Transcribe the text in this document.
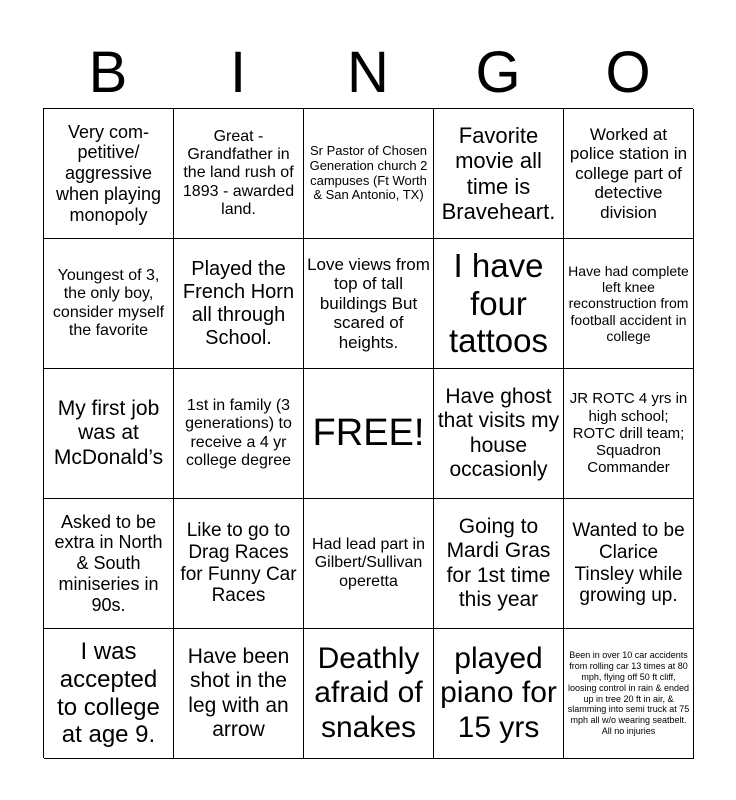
B	I	N	G	O
Very com-petitive/ aggressive when playing monopoly
Great - Grandfather in the land rush of 1893 - awarded land.
Sr Pastor of Chosen Generation church 2 campuses (Ft Worth & San Antonio, TX)
Favorite movie all time is Braveheart.
Worked at police station in college part of detective division
Youngest of 3, the only boy, consider myself the favorite
Played the French Horn all through School.
Love views from top of tall buildings But scared of heights.
I have four tattoos
Have had complete left knee reconstruction from football accident in college
My first job was at McDonald’s
1st in family (3 generations) to receive a 4 yr college degree
FREE!
Have ghost that visits my house occasionly
JR ROTC 4 yrs in high school; ROTC drill team; Squadron Commander
Asked to be extra in North & South miniseries in 90s.
Like to go to Drag Races for Funny Car Races
Had lead part in Gilbert/Sullivan operetta
Going to Mardi Gras for 1st time this year
Wanted to be Clarice Tinsley while growing up.
I was accepted to college at age 9.
Have been shot in the leg with an arrow
Deathly afraid of snakes
played piano for 15 yrs
Been in over 10 car accidents from rolling car 13 times at 80 mph, flying off 50 ft cliff, loosing control in rain & ended up in tree 20 ft in air, & slamming into semi truck at 75 mph all w/o wearing seatbelt. All no injuries
